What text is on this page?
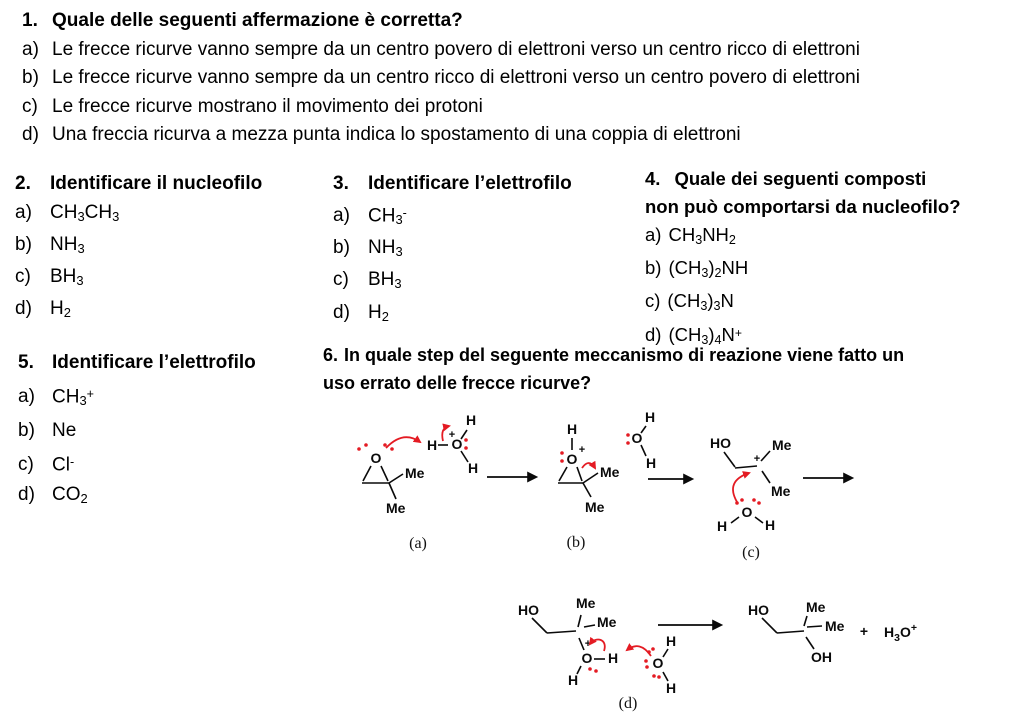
1. Quale delle seguenti affermazione è corretta?
a) Le frecce ricurve vanno sempre da un centro povero di elettroni verso un centro ricco di elettroni
b) Le frecce ricurve vanno sempre da un centro ricco di elettroni verso un centro povero di elettroni
c) Le frecce ricurve mostrano il movimento dei protoni
d) Una freccia ricurva a mezza punta indica lo spostamento di una coppia di elettroni
2.	Identificare il nucleofilo
a) $CH_3CH_3$
b) $NH_3$
c)	$BH_3$
d) $H_2$
3.	Identificare l’elettrofilo
a) $CH_3^-$
b) $NH_3$
c)	$BH_3$
d) $H_2$
4. Quale dei seguenti composti
non può comportarsi da nucleofilo?
a) $CH_3NH_2$
b) $(CH_3)_2NH$
c) $(CH_3)_3N$
d) $(CH_3)_4N^+$
5. Identificare l’elettrofilo
a) $CH_3^+$
b) Ne
c) Cl-
d) $CO_2$
6. In quale step del seguente meccanismo di reazione viene fatto un
uso errato delle frecce ricurve?
O
Me
Me
H O
+
H
H
(a)
H
O
+
Me
Me
O
H
H
(b)
HO
+
Me
Me
O
H	H
(c)
HO	Me
Me
+
O H
H
O
H
H
(d)
HO	Me
Me
OH
+ $H_3O^+$
